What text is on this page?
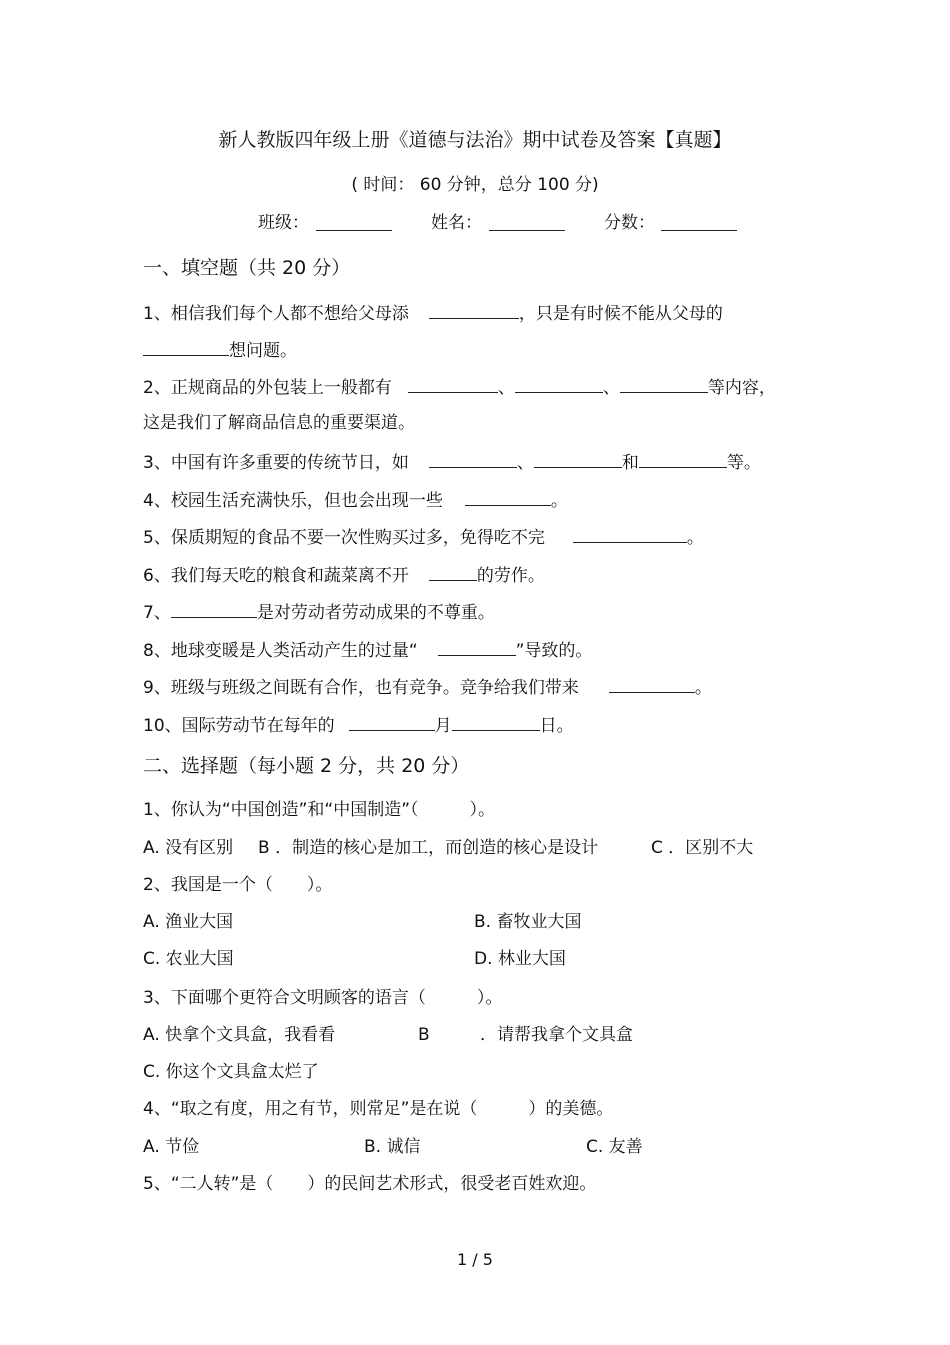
新人教版四年级上册《道德与法治》期中试卷及答案【真题】
( 时间： 60 分钟，总分 100 分)
班级：	姓名：	分数：
一、填空题（共 20 分）
1、相信我们每个人都不想给父母添	，只是有时候不能从父母的
想问题。
2、正规商品的外包装上一般都有	、	、	等内容，
这是我们了解商品信息的重要渠道。
3、中国有许多重要的传统节日，如	、	和	等。
4、校园生活充满快乐，但也会出现一些	。
5、保质期短的食品不要一次性购买过多，免得吃不完	。
6、我们每天吃的粮食和蔬菜离不开	的劳作。
7、	是对劳动者劳动成果的不尊重。
8、地球变暖是人类活动产生的过量“	”导致的。
9、班级与班级之间既有合作，也有竞争。竞争给我们带来	。
10、国际劳动节在每年的	月	日。
二、选择题（每小题 2 分，共 20 分）
1、你认为“中国创造”和“中国制造”（　　　）。
A. 没有区别 B ．制造的核心是加工，而创造的核心是设计	C ．区别不大
2、我国是一个（　　）。
A. 渔业大国	B. 畜牧业大国
C. 农业大国	D. 林业大国
3、下面哪个更符合文明顾客的语言（　　　）。
A. 快拿个文具盒，我看看	B	．请帮我拿个文具盒
C. 你这个文具盒太烂了
4、“取之有度，用之有节，则常足”是在说（　　　）的美德。
A. 节俭	B. 诚信	C. 友善
5、“二人转”是（　　）的民间艺术形式，很受老百姓欢迎。
1 / 5
